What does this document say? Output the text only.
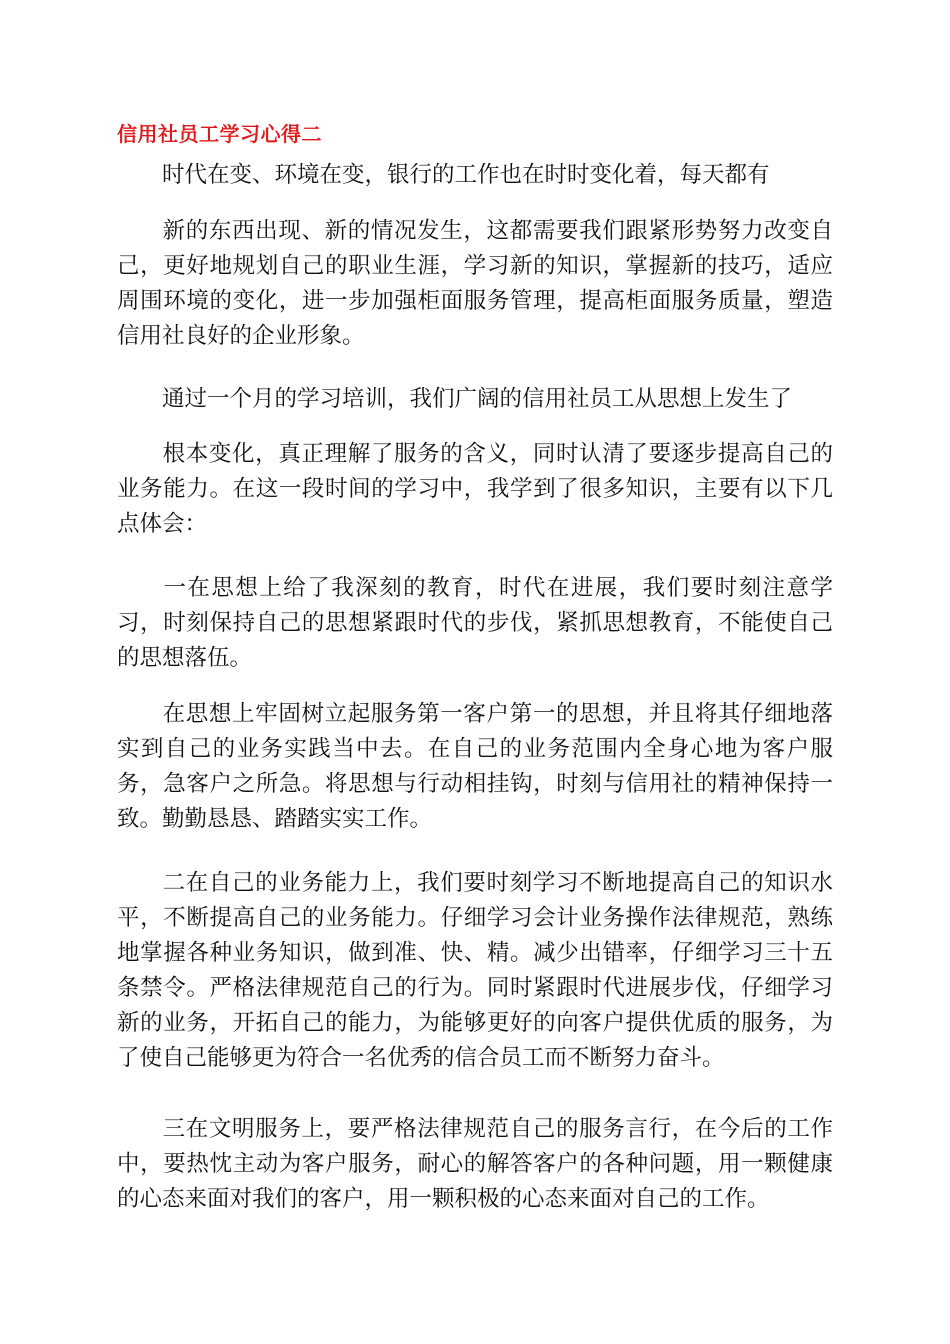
信用社员工学习心得二
时代在变、环境在变，银行的工作也在时时变化着，每天都有
新的东西出现、新的情况发生，这都需要我们跟紧形势努力改变自己，更好地规划自己的职业生涯，学习新的知识，掌握新的技巧，适应周围环境的变化，进一步加强柜面服务管理，提高柜面服务质量，塑造信用社良好的企业形象。
通过一个月的学习培训，我们广阔的信用社员工从思想上发生了
根本变化，真正理解了服务的含义，同时认清了要逐步提高自己的业务能力。在这一段时间的学习中，我学到了很多知识，主要有以下几点体会：
一在思想上给了我深刻的教育，时代在进展，我们要时刻注意学习，时刻保持自己的思想紧跟时代的步伐，紧抓思想教育，不能使自己的思想落伍。
在思想上牢固树立起服务第一客户第一的思想，并且将其仔细地落实到自己的业务实践当中去。在自己的业务范围内全身心地为客户服务，急客户之所急。将思想与行动相挂钩，时刻与信用社的精神保持一致。勤勤恳恳、踏踏实实工作。
二在自己的业务能力上，我们要时刻学习不断地提高自己的知识水平，不断提高自己的业务能力。仔细学习会计业务操作法律规范，熟练地掌握各种业务知识，做到准、快、精。减少出错率，仔细学习三十五条禁令。严格法律规范自己的行为。同时紧跟时代进展步伐，仔细学习新的业务，开拓自己的能力，为能够更好的向客户提供优质的服务，为了使自己能够更为符合一名优秀的信合员工而不断努力奋斗。
三在文明服务上，要严格法律规范自己的服务言行，在今后的工作中，要热忱主动为客户服务，耐心的解答客户的各种问题，用一颗健康的心态来面对我们的客户，用一颗积极的心态来面对自己的工作。
